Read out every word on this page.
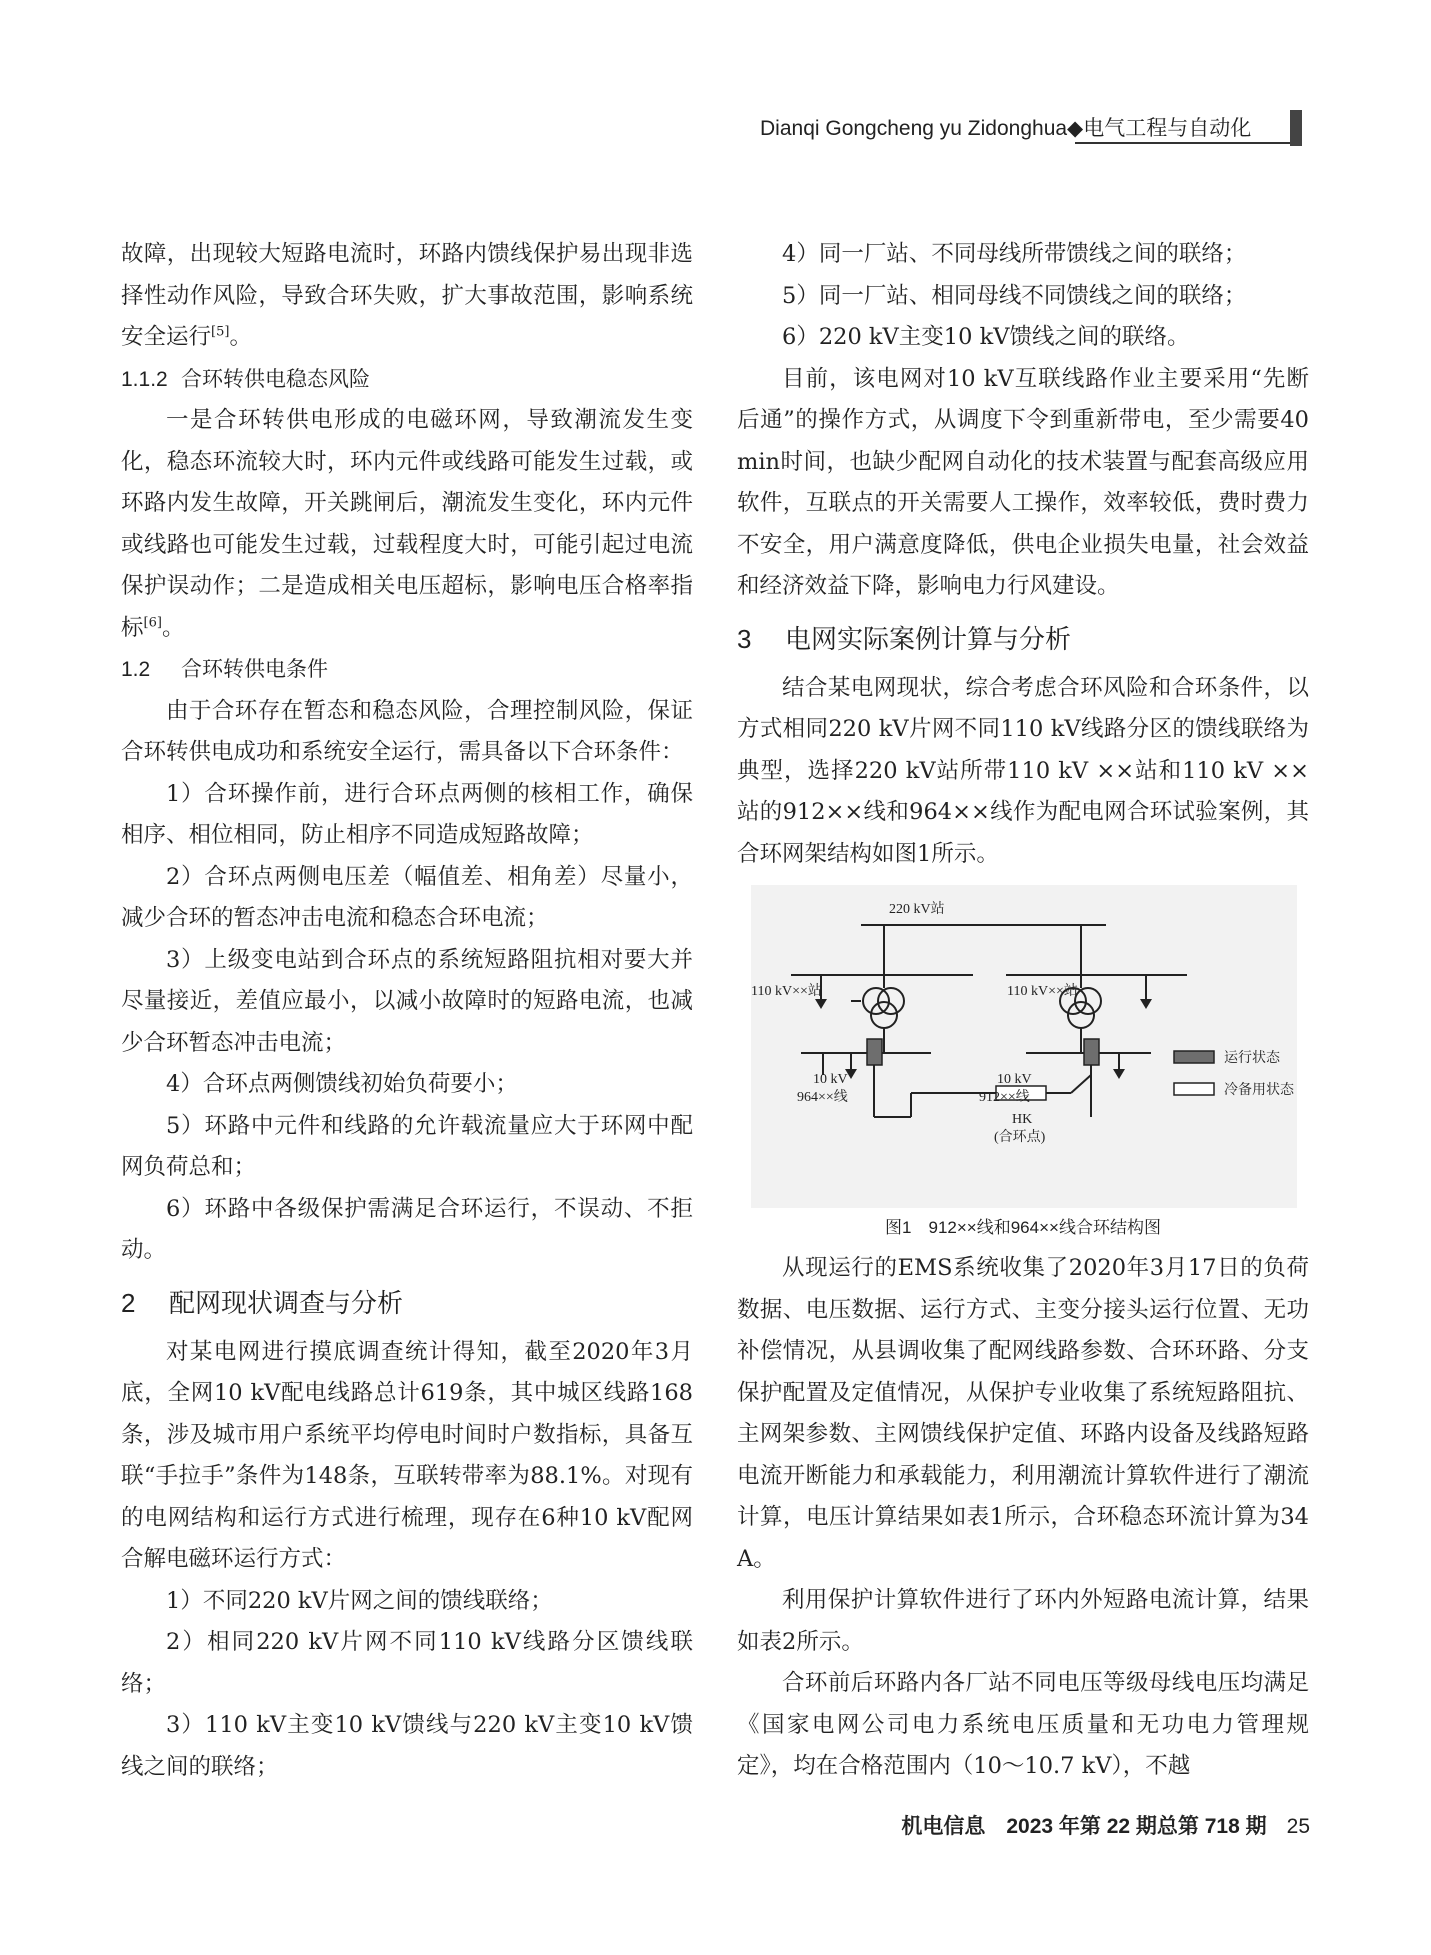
Dianqi Gongcheng yu Zidonghua◆电气工程与自动化

故障，出现较大短路电流时，环路内馈线保护易出现非选择性动作风险，导致合环失败，扩大事故范围，影响系统安全运行[5]。

1.1.2 合环转供电稳态风险

一是合环转供电形成的电磁环网，导致潮流发生变化，稳态环流较大时，环内元件或线路可能发生过载，或环路内发生故障，开关跳闸后，潮流发生变化，环内元件或线路也可能发生过载，过载程度大时，可能引起过电流保护误动作；二是造成相关电压超标，影响电压合格率指标[6]。

1.2 合环转供电条件

由于合环存在暂态和稳态风险，合理控制风险，保证合环转供电成功和系统安全运行，需具备以下合环条件：

1）合环操作前，进行合环点两侧的核相工作，确保相序、相位相同，防止相序不同造成短路故障；

2）合环点两侧电压差（幅值差、相角差）尽量小，减少合环的暂态冲击电流和稳态合环电流；

3）上级变电站到合环点的系统短路阻抗相对要大并尽量接近，差值应最小，以减小故障时的短路电流，也减少合环暂态冲击电流；

4）合环点两侧馈线初始负荷要小；

5）环路中元件和线路的允许载流量应大于环网中配网负荷总和；

6）环路中各级保护需满足合环运行，不误动、不拒动。

2 配网现状调查与分析

对某电网进行摸底调查统计得知，截至2020年3月底，全网10 kV配电线路总计619条，其中城区线路168条，涉及城市用户系统平均停电时间时户数指标，具备互联“手拉手”条件为148条，互联转带率为88.1%。对现有的电网结构和运行方式进行梳理，现存在6种10 kV配网合解电磁环运行方式：

1）不同220 kV片网之间的馈线联络；

2）相同220 kV片网不同110 kV线路分区馈线联络；

3）110 kV主变10 kV馈线与220 kV主变10 kV馈线之间的联络；

4）同一厂站、不同母线所带馈线之间的联络；

5）同一厂站、相同母线不同馈线之间的联络；

6）220 kV主变10 kV馈线之间的联络。

目前，该电网对10 kV互联线路作业主要采用“先断后通”的操作方式，从调度下令到重新带电，至少需要40 min时间，也缺少配网自动化的技术装置与配套高级应用软件，互联点的开关需要人工操作，效率较低，费时费力不安全，用户满意度降低，供电企业损失电量，社会效益和经济效益下降，影响电力行风建设。

3 电网实际案例计算与分析

结合某电网现状，综合考虑合环风险和合环条件，以方式相同220 kV片网不同110 kV线路分区的馈线联络为典型，选择220 kV站所带110 kV ××站和110 kV ××站的912××线和964××线作为配电网合环试验案例，其合环网架结构如图1所示。

220 kV站
110 kV××站	110 kV××站
10 kV
964××线
10 kV
912××线
HK
(合环点)
运行状态
冷备用状态
图1　912××线和964××线合环结构图

从现运行的EMS系统收集了2020年3月17日的负荷数据、电压数据、运行方式、主变分接头运行位置、无功补偿情况，从县调收集了配网线路参数、合环环路、分支保护配置及定值情况，从保护专业收集了系统短路阻抗、主网架参数、主网馈线保护定值、环路内设备及线路短路电流开断能力和承载能力，利用潮流计算软件进行了潮流计算，电压计算结果如表1所示，合环稳态环流计算为34 A。

利用保护计算软件进行了环内外短路电流计算，结果如表2所示。

合环前后环路内各厂站不同电压等级母线电压均满足《国家电网公司电力系统电压质量和无功电力管理规定》，均在合格范围内（10～10.7 kV），不越

机电信息　2023 年第 22 期总第 718 期 25
